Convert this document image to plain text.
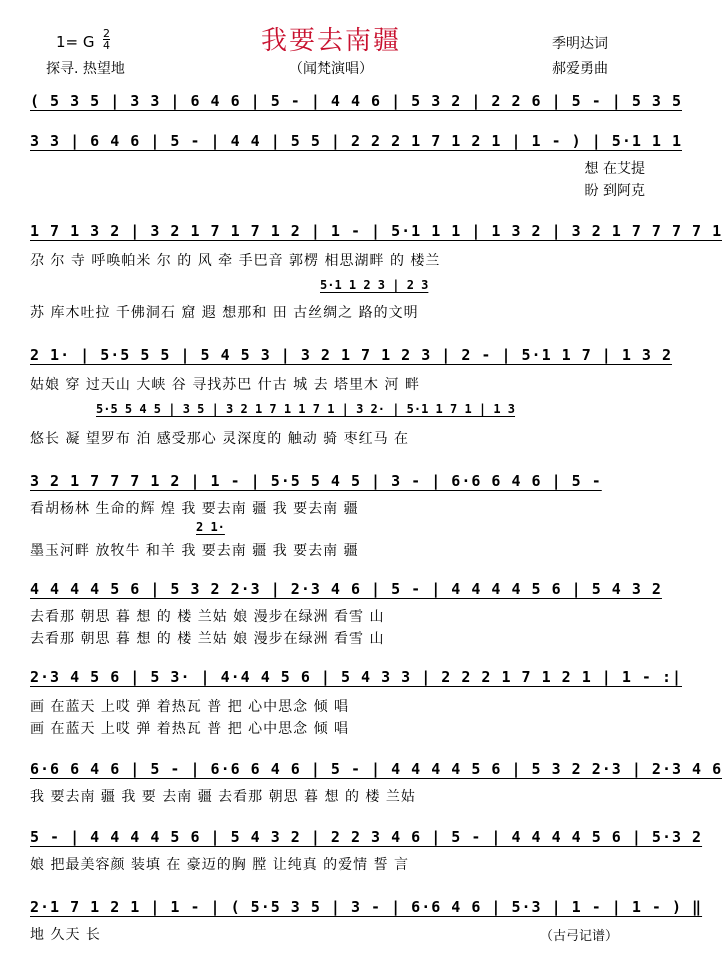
我要去南疆
（闻梵演唱）
1= G $\frac{2}{4}$
探寻. 热望地
季明达词
郝爱勇曲
( 5 3 5 | 3 3 | 6 4 6 | 5 - | 4 4 6 | 5 3 2 | 2 2 6 | 5 - | 5 3 5
3 3 | 6 4 6 | 5 - | 4 4 | 5 5 | 2 2 2 1 7 1 2 1 | 1 - ) | 5·1 1 1
想 在艾提
盼 到阿克
1 7 1 3 2 | 3 2 1 7 1 7 1 2 | 1 - | 5·1 1 1 | 1 3 2 | 3 2 1 7 7 7 7 1
尕 尔 寺 呼唤帕米 尔 的 风 牵 手巴音 郭楞 相思湖畔 的 楼兰
5·1 1 2 3 | 2 3
苏 库木吐拉 千佛洞石 窟 遐 想那和 田 古丝绸之 路的文明
2 1· | 5·5 5 5 | 5 4 5 3 | 3 2 1 7 1 2 3 | 2 - | 5·1 1 7 | 1 3 2
姑娘 穿 过天山 大峡 谷 寻找苏巴 什古 城 去 塔里木 河 畔
5·5 5 4 5 | 3 5 | 3 2 1 7 1 1 7 1 | 3 2· | 5·1 1 7 1 | 1 3
悠长 凝 望罗布 泊 感受那心 灵深度的 触动 骑 枣红马 在
3 2 1 7 7 7 1 2 | 1 - | 5·5 5 4 5 | 3 - | 6·6 6 4 6 | 5 -
看胡杨林 生命的辉 煌 我 要去南 疆 我 要去南 疆
2 1·
墨玉河畔 放牧牛 和羊 我 要去南 疆 我 要去南 疆
4 4 4 4 5 6 | 5 3 2 2·3 | 2·3 4 6 | 5 - | 4 4 4 4 5 6 | 5 4 3 2
去看那 朝思 暮 想 的 楼 兰姑 娘 漫步在绿洲 看雪 山
去看那 朝思 暮 想 的 楼 兰姑 娘 漫步在绿洲 看雪 山
2·3 4 5 6 | 5 3· | 4·4 4 5 6 | 5 4 3 3 | 2 2 2 1 7 1 2 1 | 1 - :|
画 在蓝天 上哎 弹 着热瓦 普 把 心中思念 倾 唱
画 在蓝天 上哎 弹 着热瓦 普 把 心中思念 倾 唱
6·6 6 4 6 | 5 - | 6·6 6 4 6 | 5 - | 4 4 4 4 5 6 | 5 3 2 2·3 | 2·3 4 6
我 要去南 疆 我 要 去南 疆 去看那 朝思 暮 想 的 楼 兰姑
5 - | 4 4 4 4 5 6 | 5 4 3 2 | 2 2 3 4 6 | 5 - | 4 4 4 4 5 6 | 5·3 2
娘 把最美容颜 装填 在 豪迈的胸 膛 让纯真 的爱情 誓 言
2·1 7 1 2 1 | 1 - | ( 5·5 3 5 | 3 - | 6·6 4 6 | 5·3 | 1 - | 1 - ) ‖
地 久天 长	（古弓记谱）
